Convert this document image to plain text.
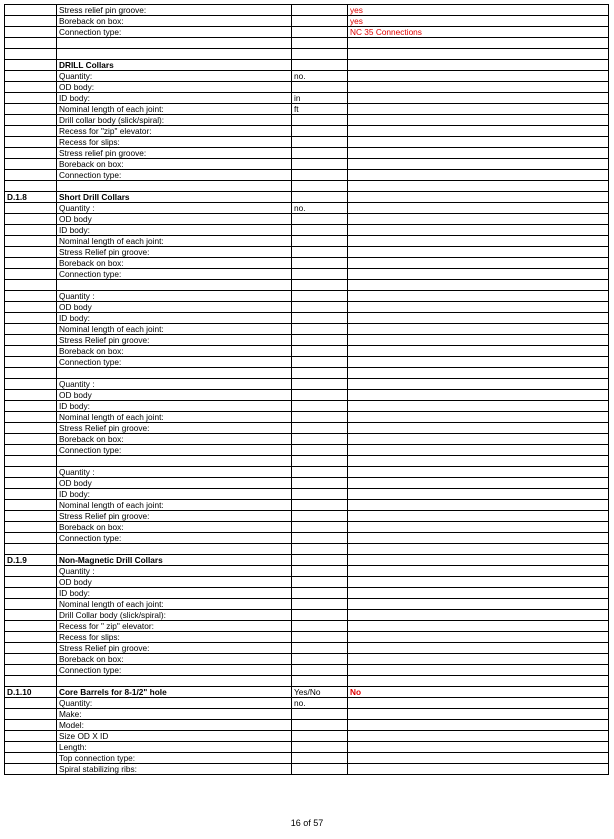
	Stress relief pin groove:		yes
	Boreback on box:		yes
	Connection type:		NC 35 Connections

	DRILL Collars		
	Quantity:	no.	
	OD body:		
	ID body:	in	
	Nominal length of each joint:	ft	
	Drill collar body (slick/spiral):		
	Recess for "zip" elevator:		
	Recess for slips:		
	Stress relief pin groove:		
	Boreback on box:		
	Connection type:		

D.1.8	Short Drill Collars		
	Quantity :	no.	
	OD body		
	ID body:		
	Nominal length of each joint:		
	Stress Relief pin groove:		
	Boreback on box:		
	Connection type:		

	Quantity :		
	OD body		
	ID body:		
	Nominal length of each joint:		
	Stress Relief pin groove:		
	Boreback on box:		
	Connection type:		

	Quantity :		
	OD body		
	ID body:		
	Nominal length of each joint:		
	Stress Relief pin groove:		
	Boreback on box:		
	Connection type:		

	Quantity :		
	OD body		
	ID body:		
	Nominal length of each joint:		
	Stress Relief pin groove:		
	Boreback on box:		
	Connection type:		

D.1.9	Non-Magnetic Drill Collars		
	Quantity :		
	OD body		
	ID body:		
	Nominal length of each joint:		
	Drill Collar body (slick/spiral):		
	Recess for " zip" elevator:		
	Recess for slips:		
	Stress Relief pin groove:		
	Boreback on box:		
	Connection type:		

D.1.10	Core Barrels for 8-1/2" hole	Yes/No	No
	Quantity:	no.	
	Make:		
	Model:		
	Size OD X ID		
	Length:		
	Top connection type:		
	Spiral stabilizing ribs:		
16 of 57
